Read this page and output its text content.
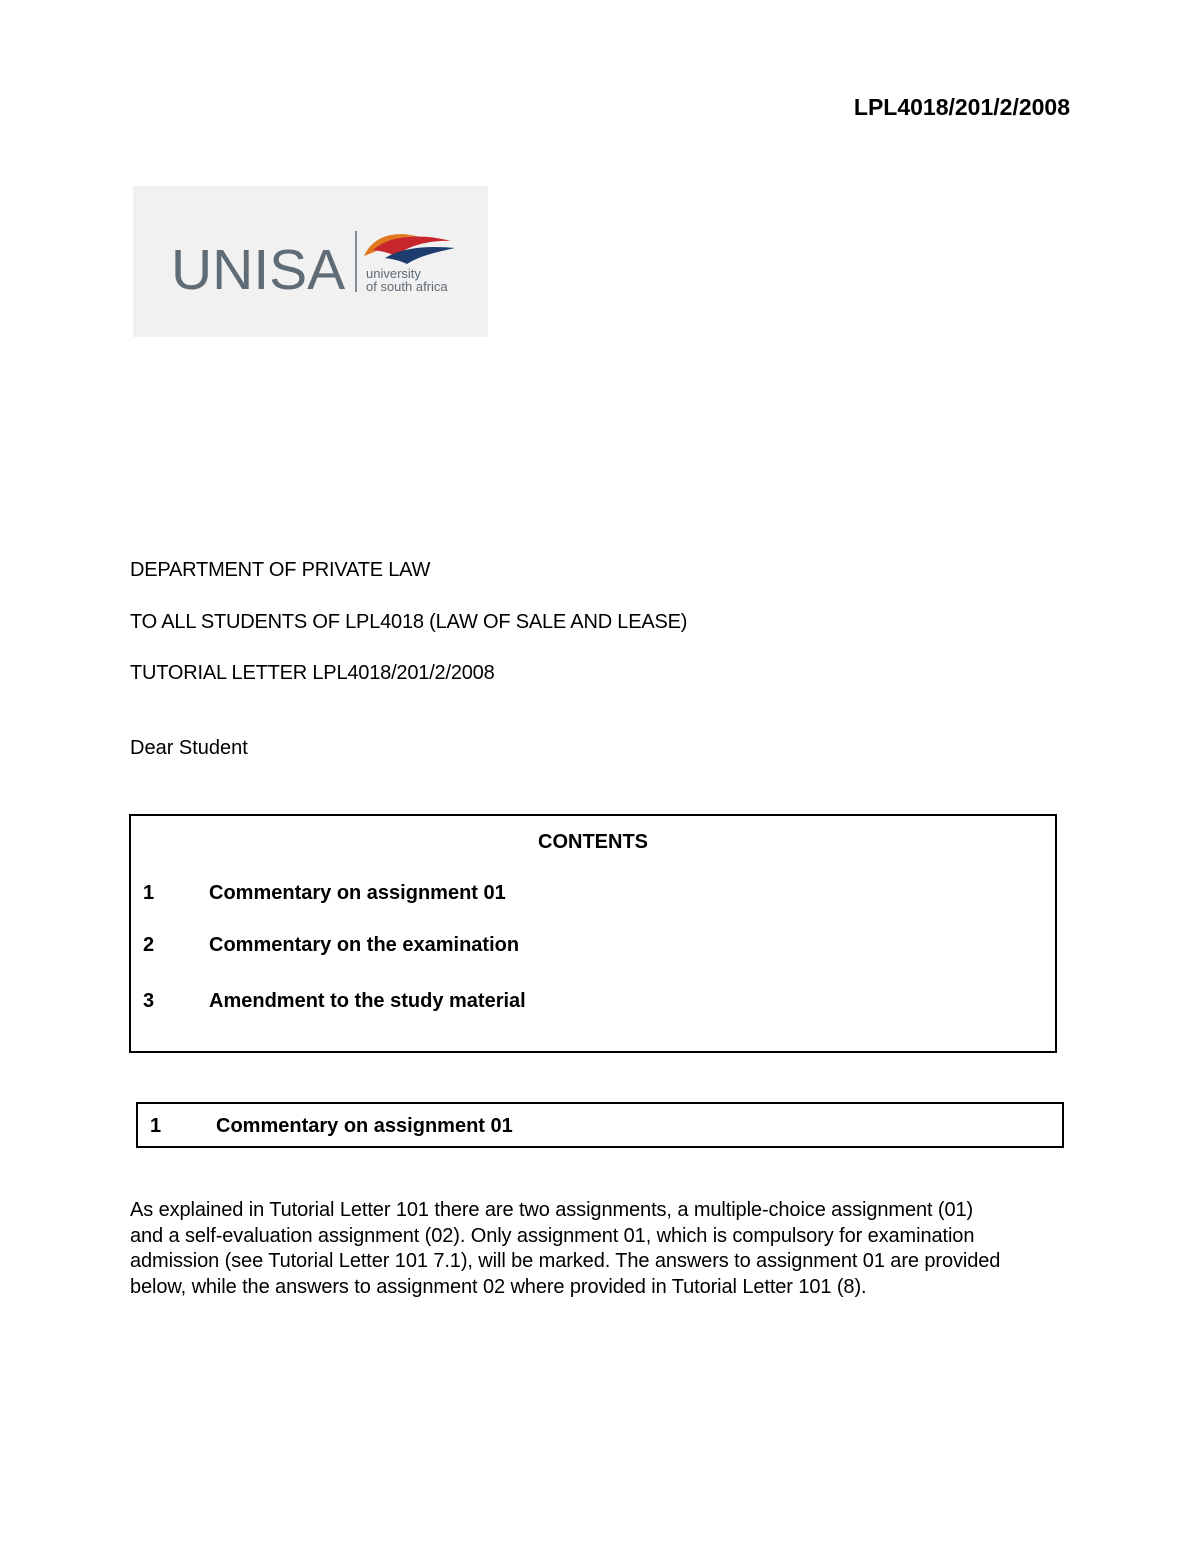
LPL4018/201/2/2008
UNISA university
of south africa
DEPARTMENT OF PRIVATE LAW
TO ALL STUDENTS OF LPL4018 (LAW OF SALE AND LEASE)
TUTORIAL LETTER LPL4018/201/2/2008
Dear Student
CONTENTS
1	Commentary on assignment 01
2	Commentary on the examination
3	Amendment to the study material
1	Commentary on assignment 01
As explained in Tutorial Letter 101 there are two assignments, a multiple-choice assignment (01)
and a self-evaluation assignment (02). Only assignment 01, which is compulsory for examination
admission (see Tutorial Letter 101 7.1), will be marked. The answers to assignment 01 are provided
below, while the answers to assignment 02 where provided in Tutorial Letter 101 (8).
